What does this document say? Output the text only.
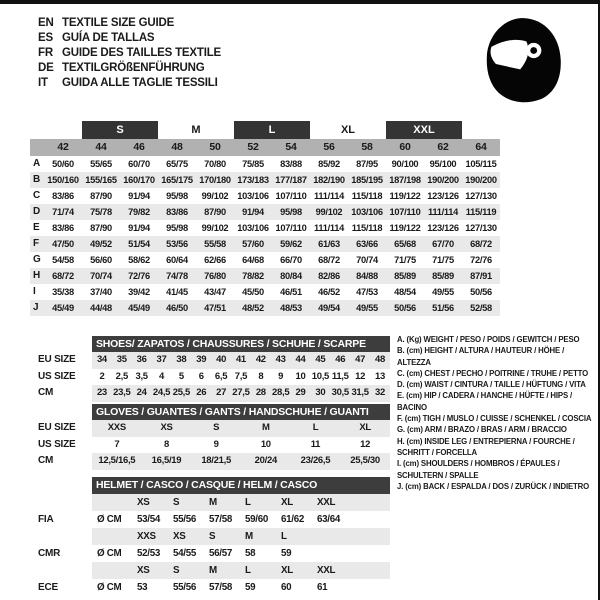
EN TEXTILE SIZE GUIDE
ES GUÍA DE TALLAS
FR GUIDE DES TAILLES TEXTILE
DE TEXTILGRÖßENFÜHRUNG
IT	GUIDA ALLE TAGLIE TESSILI
S	M	L	XL	XXL
42	44	46	48	50	52	54	56	58	60	62	64
A	50/60	55/65	60/70	65/75	70/80	75/85	83/88	85/92	87/95	90/100	95/100 105/115
B 150/160 155/165 160/170 165/175 170/180 173/183 177/187 182/190 185/195 187/198 190/200 190/200
C	83/86	87/90	91/94	95/98	99/102 103/106 107/110 111/114 115/118 119/122 123/126 127/130
D	71/74	75/78	79/82	83/86	87/90	91/94	95/98	99/102 103/106 107/110 111/114 115/119
E	83/86	87/90	91/94	95/98	99/102 103/106 107/110 111/114 115/118 119/122 123/126 127/130
F	47/50	49/52	51/54	53/56	55/58	57/60	59/62	61/63	63/66	65/68	67/70	68/72
G	54/58	56/60	58/62	60/64	62/66	64/68	66/70	68/72	70/74	71/75	71/75	72/76
H	68/72	70/74	72/76	74/78	76/80	78/82	80/84	82/86	84/88	85/89	85/89	87/91
I	35/38	37/40	39/42	41/45	43/47	45/50	46/51	46/52	47/53	48/54	49/55	50/56
J	45/49	44/48	45/49	46/50	47/51	48/52	48/53	49/54	49/55	50/56	51/56	52/58
SHOES/ ZAPATOS / CHAUSSURES / SCHUHE / SCARPE
EU SIZE	34	35	36	37	38	39	40	41	42	43	44	45	46	47	48
US SIZE	2	2,5 3,5	4	5	6	6,5 7,5	8	9	10 10,5 11,5 12	13
CM	23 23,5 24 24,5 25,5 26	27 27,5 28 28,5 29	30 30,5 31,5 32
GLOVES / GUANTES / GANTS / HANDSCHUHE / GUANTI
EU SIZE	XXS	XS	S	M	L	XL
US SIZE	7	8	9	10	11	12
CM	12,5/16,5	16,5/19	18/21,5	20/24	23/26,5	25,5/30
HELMET / CASCO / CASQUE / HELM / CASCO
XS	S	M	L	XL	XXL
FIA	Ø CM	53/54	55/56	57/58	59/60	61/62	63/64
XXS	XS	S	M	L
CMR	Ø CM	52/53	54/55	56/57	58	59
XS	S	M	L	XL	XXL
ECE	Ø CM	53	55/56	57/58	59	60	61

A. (Kg) WEIGHT / PESO / POIDS / GEWITCH / PESO

B. (cm) HEIGHT / ALTURA / HAUTEUR / HÖHE / ALTEZZA

C. (cm) CHEST / PECHO / POITRINE / TRUHE / PETTO

D. (cm) WAIST / CINTURA / TAILLE / HÜFTUNG / VITA

E. (cm) HIP / CADERA / HANCHE / HÜFTE / HIPS / BACINO

F. (cm) TIGH / MUSLO / CUISSE / SCHENKEL / COSCIA

G. (cm) ARM / BRAZO / BRAS / ARM / BRACCIO

H. (cm) INSIDE LEG / ENTREPIERNA / FOURCHE / SCHRITT / FORCELLA

I. (cm) SHOULDERS / HOMBROS / ÉPAULES / SCHULTERN / SPALLE

J. (cm) BACK / ESPALDA / DOS / ZURÜCK / INDIETRO
